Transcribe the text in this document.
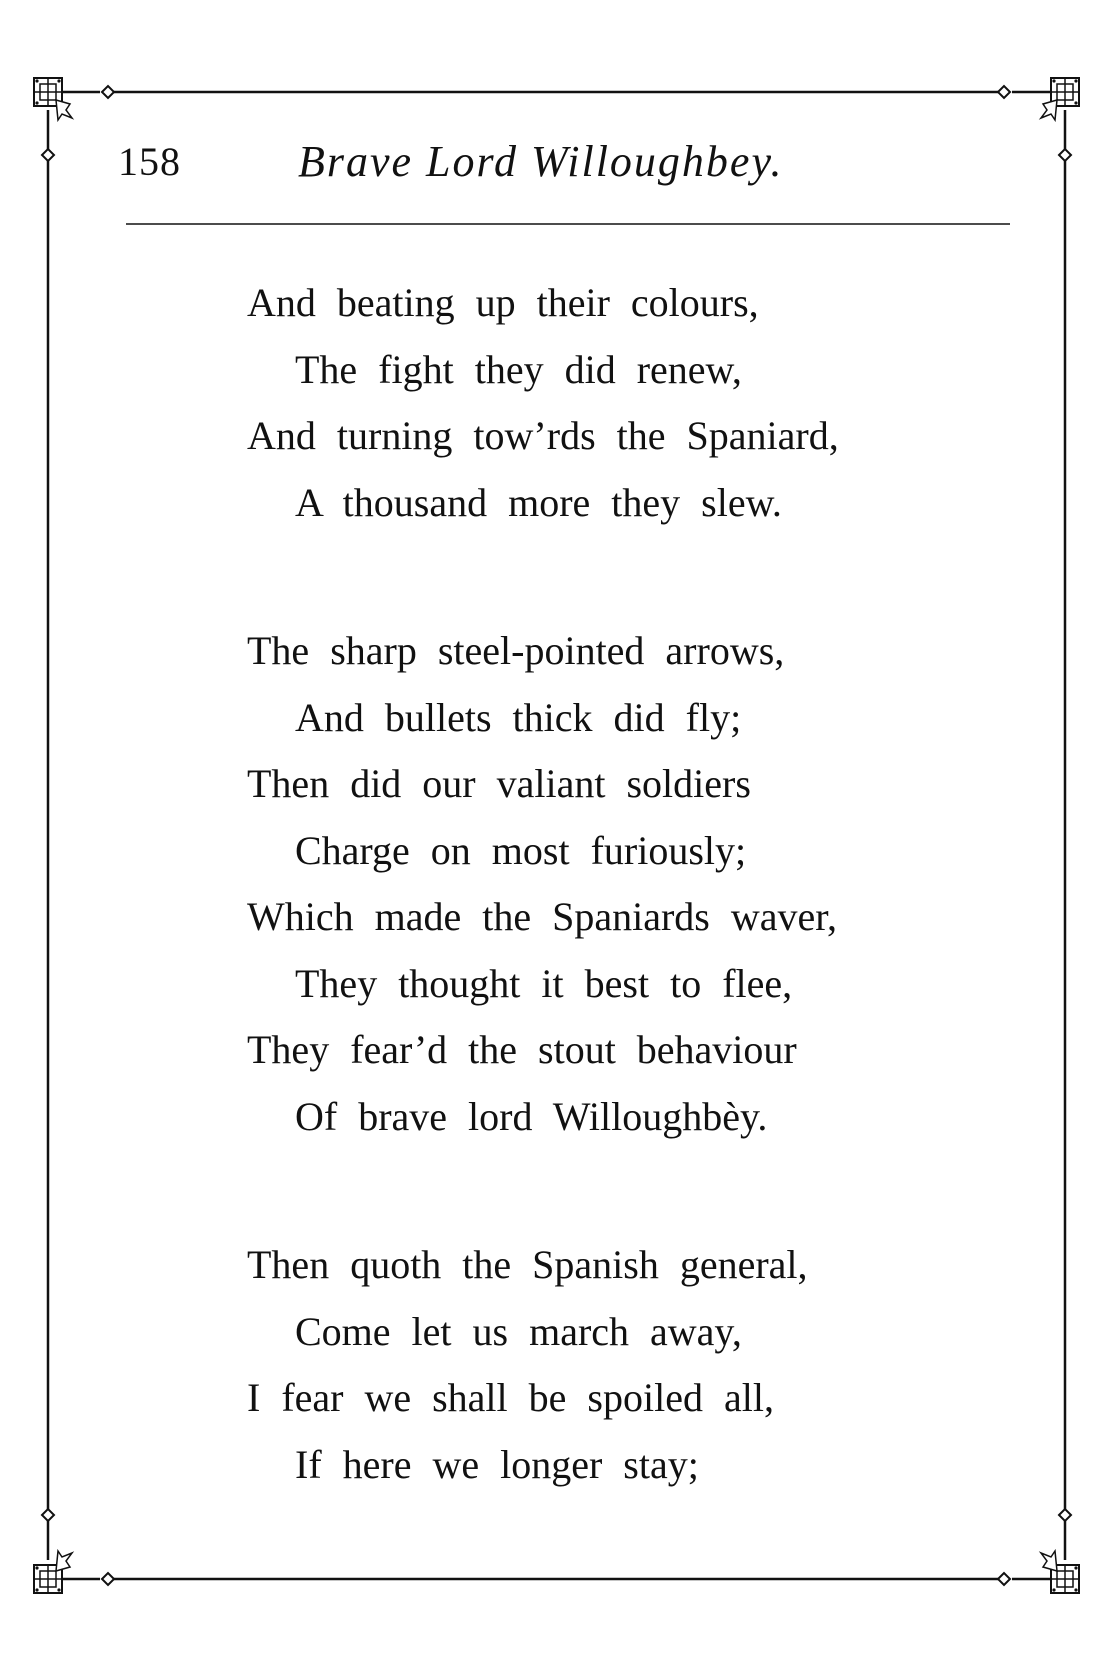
158	Brave Lord Willoughbey.
And beating up their colours,
The fight they did renew,
And turning tow’rds the Spaniard,
A thousand more they slew.
The sharp steel-pointed arrows,
And bullets thick did fly;
Then did our valiant soldiers
Charge on most furiously;
Which made the Spaniards waver,
They thought it best to flee,
They fear’d the stout behaviour
Of brave lord Willoughbèy.
Then quoth the Spanish general,
Come let us march away,
I fear we shall be spoiled all,
If here we longer stay;
